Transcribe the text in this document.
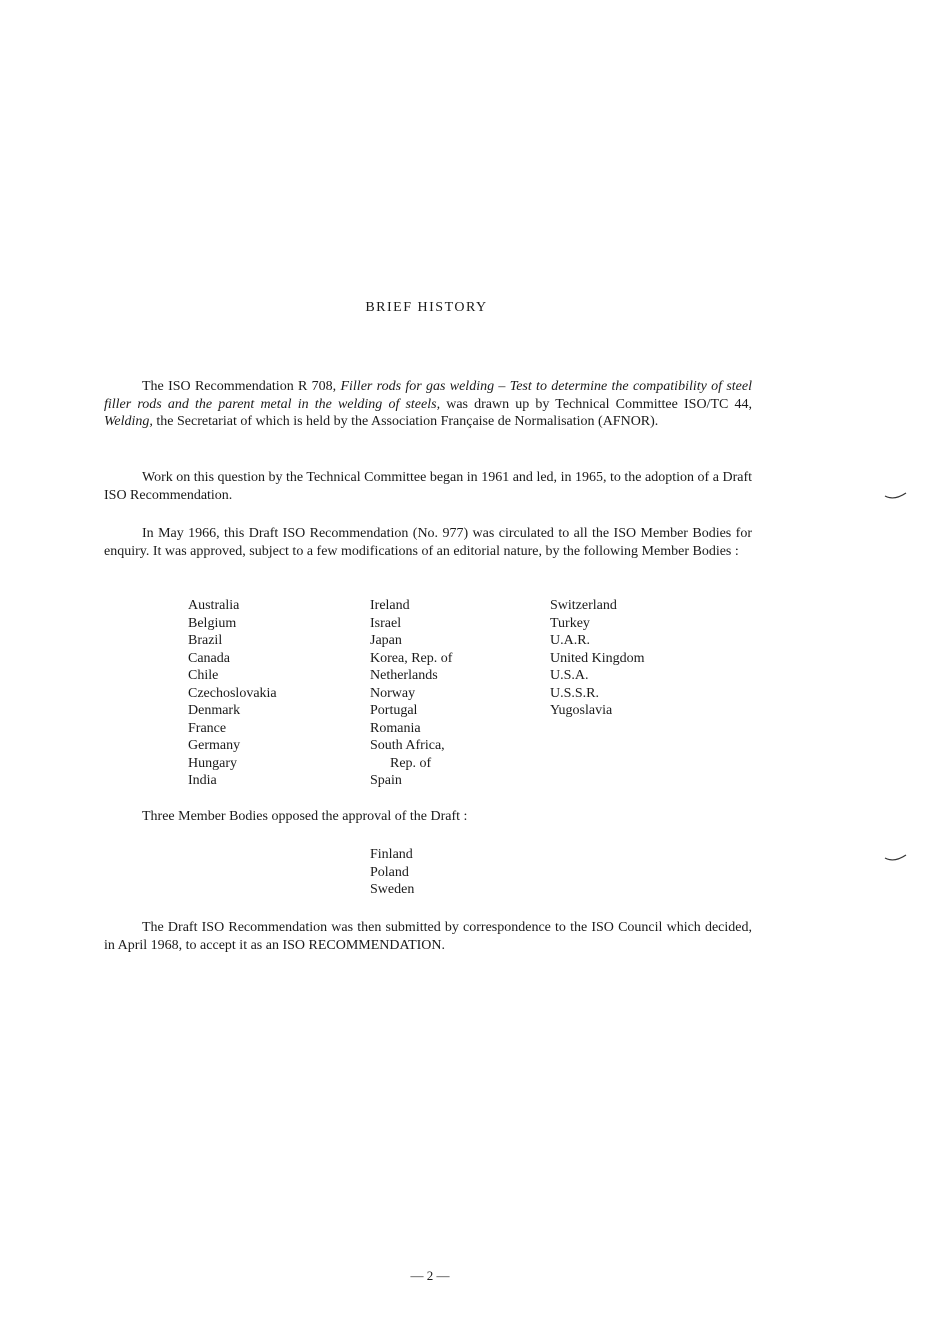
BRIEF HISTORY

The ISO Recommendation R 708, Filler rods for gas welding – Test to determine the compatibility of steel filler rods and the parent metal in the welding of steels, was drawn up by Technical Committee ISO/TC 44, Welding, the Secretariat of which is held by the Association Française de Normalisation (AFNOR).

Work on this question by the Technical Committee began in 1961 and led, in 1965, to the adoption of a Draft ISO Recommendation.

In May 1966, this Draft ISO Recommendation (No. 977) was circulated to all the ISO Member Bodies for enquiry. It was approved, subject to a few modifications of an editorial nature, by the following Member Bodies :

Australia
Belgium
Brazil
Canada
Chile
Czechoslovakia
Denmark
France
Germany
Hungary
India
Ireland
Israel
Japan
Korea, Rep. of
Netherlands
Norway
Portugal
Romania
South Africa,
Rep. of
Spain
Switzerland
Turkey
U.A.R.
United Kingdom
U.S.A.
U.S.S.R.
Yugoslavia

Three Member Bodies opposed the approval of the Draft :

Finland
Poland
Sweden

The Draft ISO Recommendation was then submitted by correspondence to the ISO Council which decided, in April 1968, to accept it as an ISO RECOMMENDATION.

— 2 —
